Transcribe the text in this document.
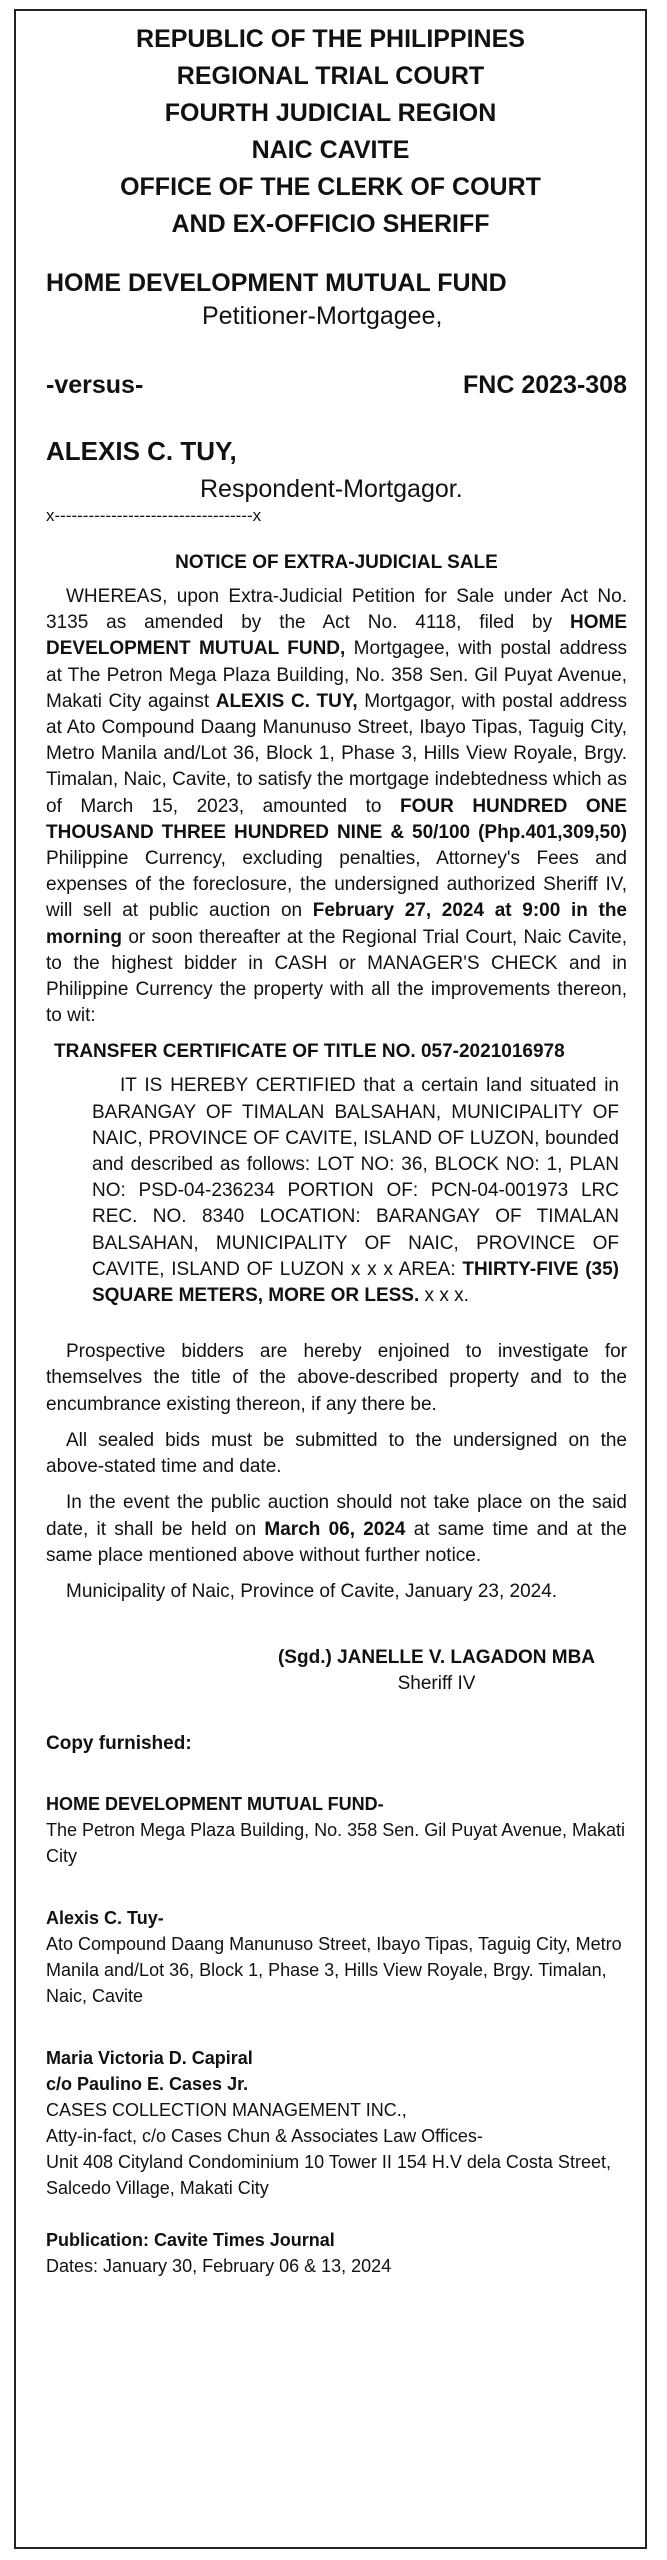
REPUBLIC OF THE PHILIPPINES
REGIONAL TRIAL COURT
FOURTH JUDICIAL REGION
NAIC CAVITE
OFFICE OF THE CLERK OF COURT
AND EX-OFFICIO SHERIFF
HOME DEVELOPMENT MUTUAL FUND
Petitioner-Mortgagee,
-versus-	FNC 2023-308
ALEXIS C. TUY,
Respondent-Mortgagor.
x-----------------------------------x
NOTICE OF EXTRA-JUDICIAL SALE

WHEREAS, upon Extra-Judicial Petition for Sale under Act No. 3135 as amended by the Act No. 4118, filed by HOME DEVELOPMENT MUTUAL FUND, Mortgagee, with postal address at The Petron Mega Plaza Building, No. 358 Sen. Gil Puyat Avenue, Makati City against ALEXIS C. TUY, Mortgagor, with postal address at Ato Compound Daang Manunuso Street, Ibayo Tipas, Taguig City, Metro Manila and/Lot 36, Block 1, Phase 3, Hills View Royale, Brgy. Timalan, Naic, Cavite, to satisfy the mortgage indebtedness which as of March 15, 2023, amounted to FOUR HUNDRED ONE THOUSAND THREE HUNDRED NINE & 50/100 (Php.401,309,50) Philippine Currency, excluding penalties, Attorney's Fees and expenses of the foreclosure, the undersigned authorized Sheriff IV, will sell at public auction on February 27, 2024 at 9:00 in the morning or soon thereafter at the Regional Trial Court, Naic Cavite, to the highest bidder in CASH or MANAGER'S CHECK and in Philippine Currency the property with all the improvements thereon, to wit:

TRANSFER CERTIFICATE OF TITLE NO. 057-2021016978
IT IS HEREBY CERTIFIED that a certain land situated in BARANGAY OF TIMALAN BALSAHAN, MUNICIPALITY OF NAIC, PROVINCE OF CAVITE, ISLAND OF LUZON, bounded and described as follows: LOT NO: 36, BLOCK NO: 1, PLAN NO: PSD-04-236234 PORTION OF: PCN-04-001973 LRC REC. NO. 8340 LOCATION: BARANGAY OF TIMALAN BALSAHAN, MUNICIPALITY OF NAIC, PROVINCE OF CAVITE, ISLAND OF LUZON x x x AREA: THIRTY-FIVE (35) SQUARE METERS, MORE OR LESS. x x x.

Prospective bidders are hereby enjoined to investigate for themselves the title of the above-described property and to the encumbrance existing thereon, if any there be.

All sealed bids must be submitted to the undersigned on the above-stated time and date.

In the event the public auction should not take place on the said date, it shall be held on March 06, 2024 at same time and at the same place mentioned above without further notice.

Municipality of Naic, Province of Cavite, January 23, 2024.

(Sgd.) JANELLE V. LAGADON MBA
Sheriff IV
Copy furnished:
HOME DEVELOPMENT MUTUAL FUND-
The Petron Mega Plaza Building, No. 358 Sen. Gil Puyat Avenue, Makati City
Alexis C. Tuy-
Ato Compound Daang Manunuso Street, Ibayo Tipas, Taguig City, Metro Manila and/Lot 36, Block 1, Phase 3, Hills View Royale, Brgy. Timalan, Naic, Cavite
Maria Victoria D. Capiral
c/o Paulino E. Cases Jr.
CASES COLLECTION MANAGEMENT INC.,
Atty-in-fact, c/o Cases Chun & Associates Law Offices-
Unit 408 Cityland Condominium 10 Tower II 154 H.V dela Costa Street, Salcedo Village, Makati City
Publication: Cavite Times Journal
Dates: January 30, February 06 & 13, 2024
